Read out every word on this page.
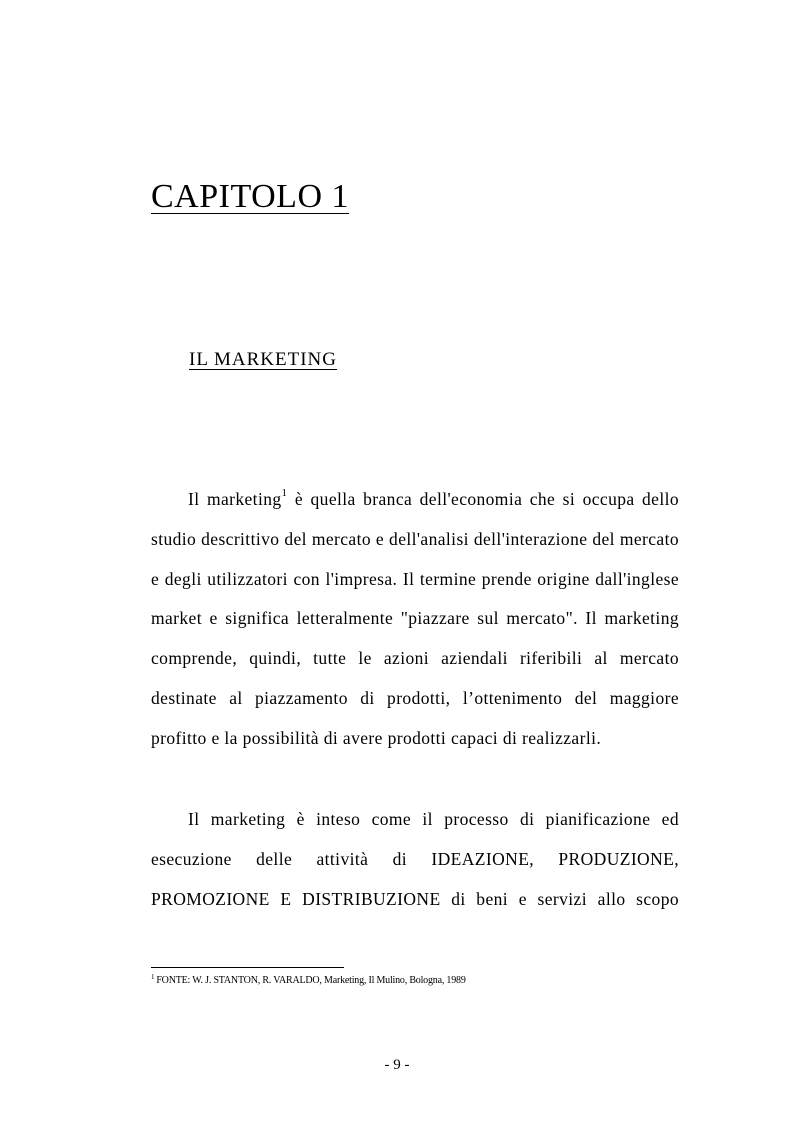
CAPITOLO 1
IL MARKETING

Il marketing$^1$ è quella branca dell'economia che si occupa dello studio descrittivo del mercato e dell'analisi dell'interazione del mercato e degli utilizzatori con l'impresa. Il termine prende origine dall'inglese market e significa letteralmente "piazzare sul mercato". Il marketing comprende, quindi, tutte le azioni aziendali riferibili al mercato destinate al piazzamento di prodotti, l’ottenimento del maggiore profitto e la possibilità di avere prodotti capaci di realizzarli.

Il marketing è inteso come il processo di pianificazione ed esecuzione delle attività di IDEAZIONE, PRODUZIONE, PROMOZIONE E DISTRIBUZIONE di beni e servizi allo scopo

$^1$ FONTE: W. J. STANTON, R. VARALDO, Marketing, Il Mulino, Bologna, 1989

- 9 -
